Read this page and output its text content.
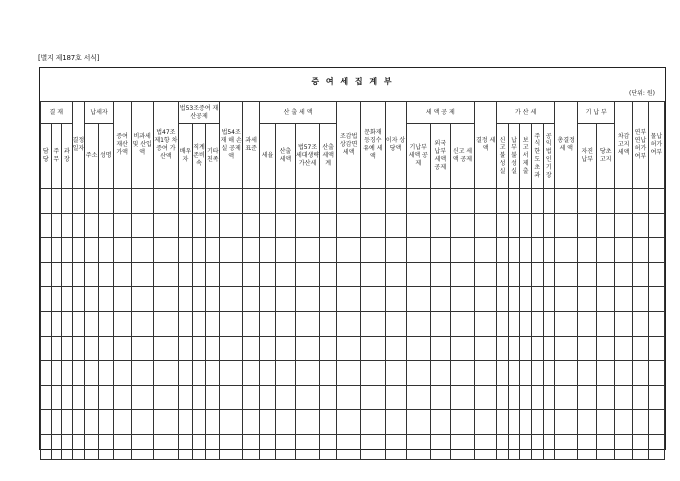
[별지 제187호 서식]
증 여 세 집 계 부
(단위: 원)
결 재			결정일자	납세자		증여 재산 가액	비과세 및 산입액	법47조 제1항 차 증여 가산액	법53조증여 재산공제			법54조 재 해 손 실 공제액	과세 표준	산 출 세 액				조감법 상감면 세액	문화재 등징수 유예 세액	이자 상당액	세 액 공 제			결정 세액	가 산 세					총결정 세 액	기 납 부		차감 고지 세액	연부 연납 허가 여부	물납 허가 여부
담당	주무	과장		주소	성명				배우자	직계존비속	기타친족			세율	산출 세액	법57조 세대생략 가산세	산출 세액 계				기납부 세액 공제	외국 납부 세액 공제	신고 세액 공제		신고불성실	납부불성실	보고서제출	주식한도초과	공익법인기장		자진 납부	당초 고지			
